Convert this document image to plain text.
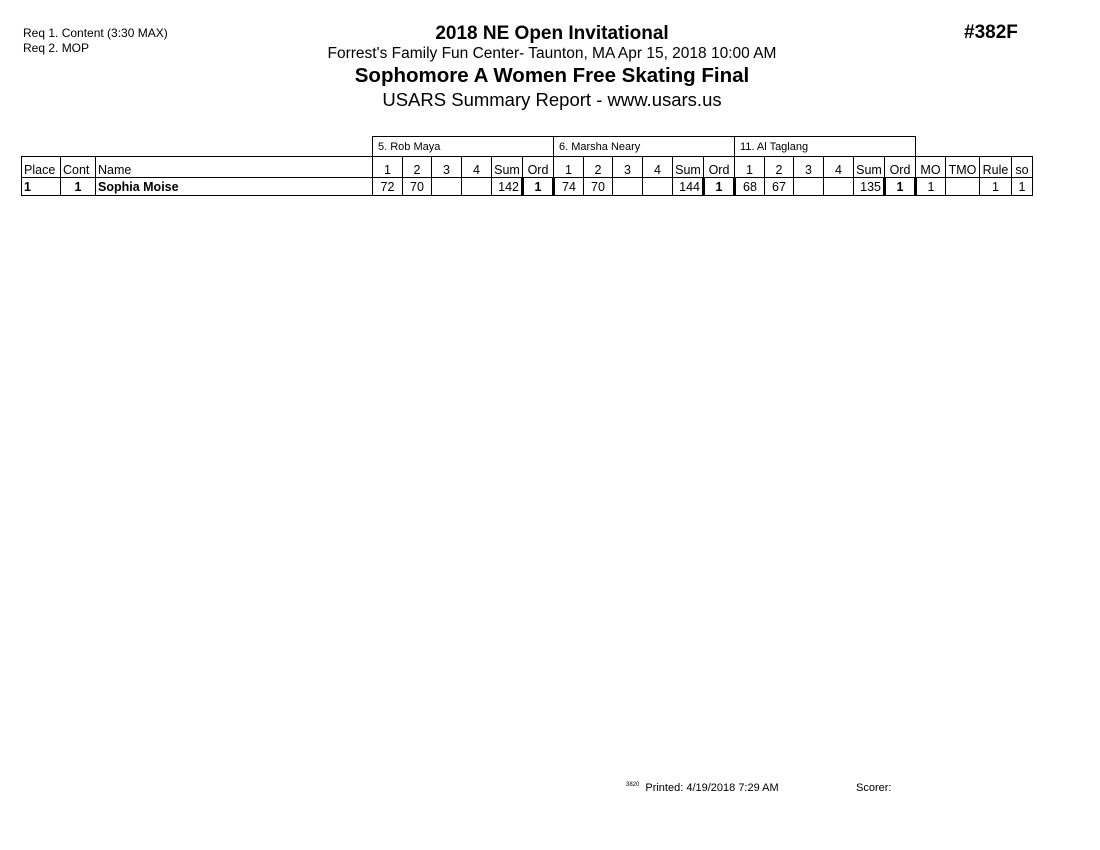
Req 1. Content (3:30 MAX)
Req 2. MOP
#382F
2018 NE Open Invitational
Forrest's Family Fun Center- Taunton, MA Apr 15, 2018 10:00 AM
Sophomore A Women Free Skating Final
USARS Summary Report - www.usars.us
			5. Rob Maya						6. Marsha Neary						11. Al Taglang									
Place	Cont	Name	1	2	3	4	Sum	Ord	1	2	3	4	Sum	Ord	1	2	3	4	Sum	Ord	MO	TMO	Rule	so
1	1	Sophia Moise	72	70			142	1	74	70			144	1	68	67			135	1	1		1	1
$^{3820}$ Printed: 4/19/2018 7:29 AM	Scorer:
